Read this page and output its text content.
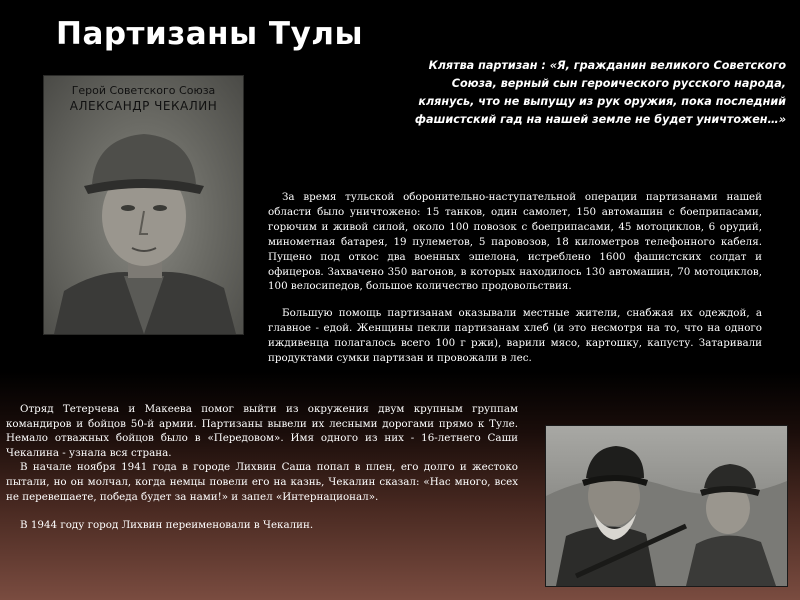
Партизаны Тулы
Клятва партизан : «Я, гражданин великого Советского Союза, верный сын героического русского народа, клянусь, что не выпущу из рук оружия, пока последний фашистский гад на нашей земле не будет уничтожен…»
Герой Советского Союза
АЛЕКСАНДР ЧЕКАЛИН

За время тульской оборонительно-наступательной операции партизанами нашей области было уничтожено: 15 танков, один самолет, 150 автомашин с боеприпасами, горючим и живой силой, около 100 повозок с боеприпасами, 45 мотоциклов, 6 орудий, минометная батарея, 19 пулеметов, 5 паровозов, 18 километров телефонного кабеля. Пущено под откос два военных эшелона, истреблено 1600 фашистских солдат и офицеров. Захвачено 350 вагонов, в которых находилось 130 автомашин, 70 мотоциклов, 100 велосипедов, большое количество продовольствия.

Большую помощь партизанам оказывали местные жители, снабжая их одеждой, а главное - едой. Женщины пекли партизанам хлеб (и это несмотря на то, что на одного иждивенца полагалось всего 100 г ржи), варили мясо, картошку, капусту. Затаривали продуктами сумки партизан и провожали в лес.

Отряд Тетерчева и Макеева помог выйти из окружения двум крупным группам командиров и бойцов 50-й армии. Партизаны вывели их лесными дорогами прямо к Туле. Немало отважных бойцов было в «Передовом». Имя одного из них - 16-летнего Саши Чекалина - узнала вся страна.

В начале ноября 1941 года в городе Лихвин Саша попал в плен, его долго и жестоко пытали, но он молчал, когда немцы повели его на казнь, Чекалин сказал: «Нас много, всех не перевешаете, победа будет за нами!» и запел «Интернационал».

В 1944 году город Лихвин переименовали в Чекалин.
